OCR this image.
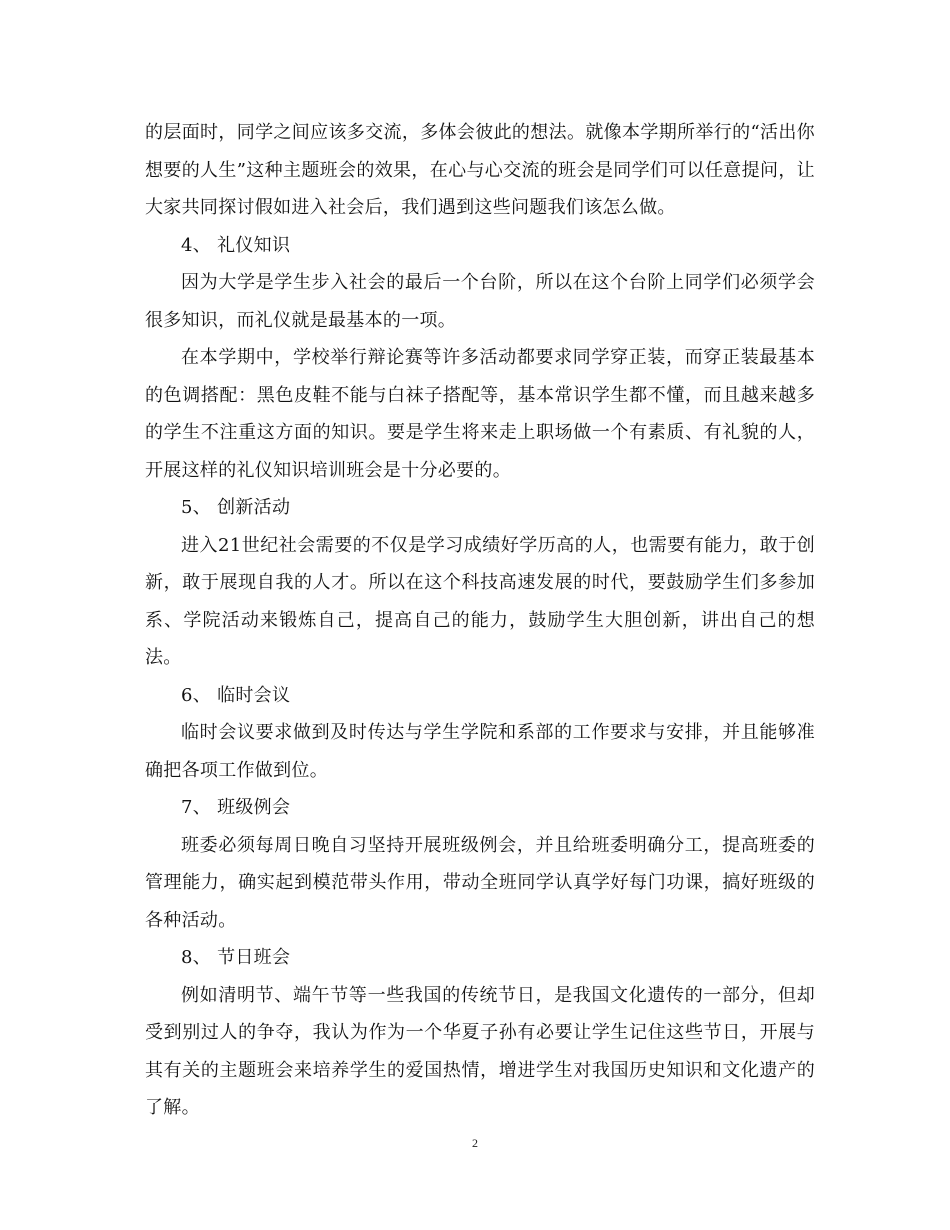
的层面时，同学之间应该多交流，多体会彼此的想法。就像本学期所举行的“活出你想要的人生”这种主题班会的效果，在心与心交流的班会是同学们可以任意提问，让大家共同探讨假如进入社会后，我们遇到这些问题我们该怎么做。

4、 礼仪知识

因为大学是学生步入社会的最后一个台阶，所以在这个台阶上同学们必须学会很多知识，而礼仪就是最基本的一项。

在本学期中，学校举行辩论赛等许多活动都要求同学穿正装，而穿正装最基本的色调搭配：黑色皮鞋不能与白袜子搭配等，基本常识学生都不懂，而且越来越多的学生不注重这方面的知识。要是学生将来走上职场做一个有素质、有礼貌的人，开展这样的礼仪知识培训班会是十分必要的。

5、 创新活动

进入21世纪社会需要的不仅是学习成绩好学历高的人，也需要有能力，敢于创新，敢于展现自我的人才。所以在这个科技高速发展的时代，要鼓励学生们多参加系、学院活动来锻炼自己，提高自己的能力，鼓励学生大胆创新，讲出自己的想法。

6、 临时会议

临时会议要求做到及时传达与学生学院和系部的工作要求与安排，并且能够准确把各项工作做到位。

7、 班级例会

班委必须每周日晚自习坚持开展班级例会，并且给班委明确分工，提高班委的管理能力，确实起到模范带头作用，带动全班同学认真学好每门功课，搞好班级的各种活动。

8、 节日班会

例如清明节、端午节等一些我国的传统节日，是我国文化遗传的一部分，但却受到别过人的争夺，我认为作为一个华夏子孙有必要让学生记住这些节日，开展与其有关的主题班会来培养学生的爱国热情，增进学生对我国历史知识和文化遗产的了解。

2
